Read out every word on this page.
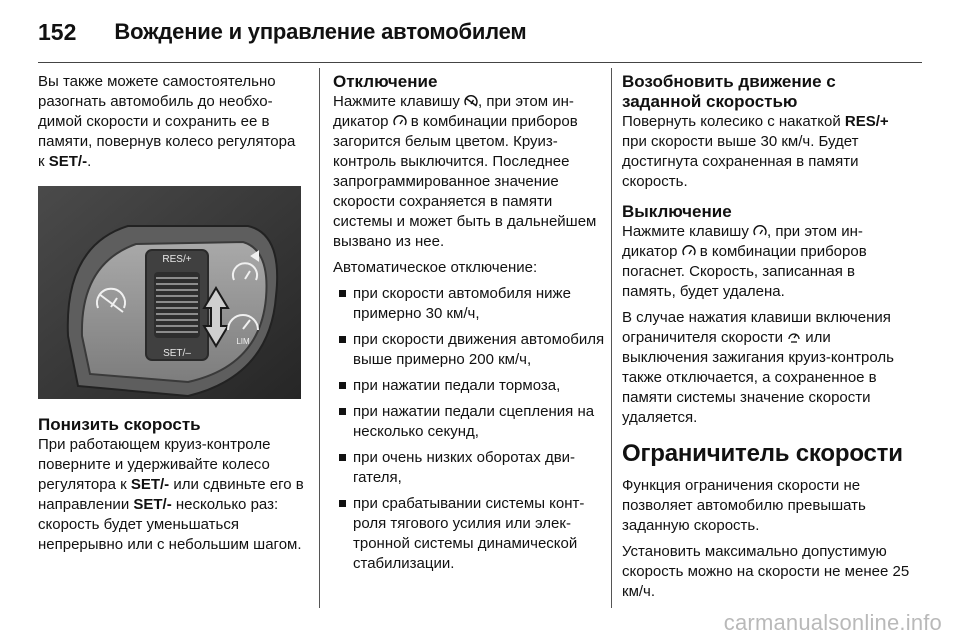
152 Вождение и управление автомобилем

Вы также можете самостоятельно разогнать автомобиль до необходимой скорости и сохранить ее в памяти, повернув колесо регулятора к SET/-.

RES/+
SET/–
LIM
Понизить скорость

При работающем круиз-контроле поверните и удерживайте колесо регулятора к SET/- или сдвиньте его в направлении SET/- несколько раз: скорость будет уменьшаться непрерывно или с небольшим шагом.

Отключение

Нажмите клавишу , при этом индикатор в комбинации приборов загорится белым цветом. Круиз-контроль выключится. Последнее запрограммированное значение скорости сохраняется в памяти системы и может быть в дальнейшем вызвано из нее.

Автоматическое отключение:

при скорости автомобиля ниже примерно 30 км/ч,
при скорости движения автомобиля выше примерно 200 км/ч,
при нажатии педали тормоза,
при нажатии педали сцепления на несколько секунд,
при очень низких оборотах двигателя,
при срабатывании системы контроля тягового усилия или электронной системы динамической стабилизации.
Возобновить движение с заданной скоростью

Повернуть колесико с накаткой RES/+ при скорости выше 30 км/ч. Будет достигнута сохраненная в памяти скорость.

Выключение

Нажмите клавишу , при этом индикатор в комбинации приборов погаснет. Скорость, записанная в память, будет удалена.

В случае нажатия клавиши включения ограничителя скорости или выключения зажигания круиз-контроль также отключается, а сохраненное в памяти системы значение скорости удаляется.

Ограничитель скорости

Функция ограничения скорости не позволяет автомобилю превышать заданную скорость.

Установить максимально допустимую скорость можно на скорости не менее 25 км/ч.

carmanualsonline.info
